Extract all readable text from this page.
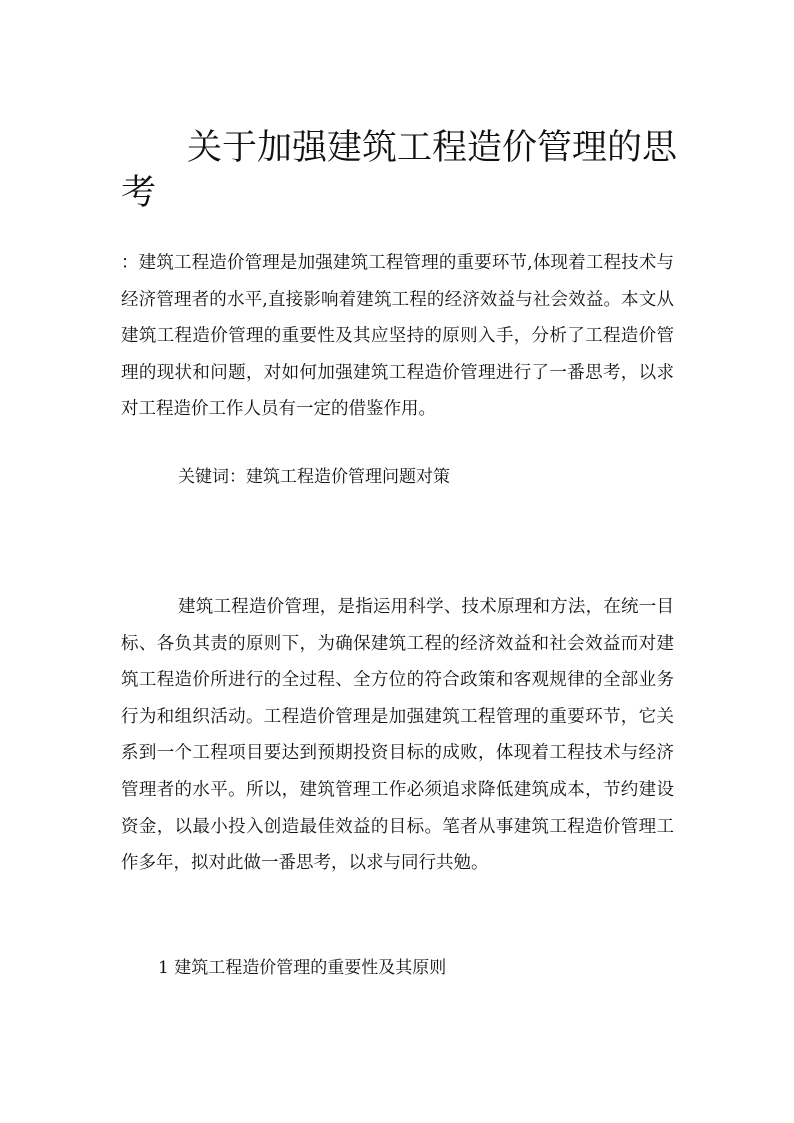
关于加强建筑工程造价管理的思考

：建筑工程造价管理是加强建筑工程管理的重要环节,体现着工程技术与经济管理者的水平,直接影响着建筑工程的经济效益与社会效益。本文从建筑工程造价管理的重要性及其应坚持的原则入手，分析了工程造价管理的现状和问题，对如何加强建筑工程造价管理进行了一番思考，以求对工程造价工作人员有一定的借鉴作用。

关键词：建筑工程造价管理问题对策

建筑工程造价管理，是指运用科学、技术原理和方法，在统一目标、各负其责的原则下，为确保建筑工程的经济效益和社会效益而对建筑工程造价所进行的全过程、全方位的符合政策和客观规律的全部业务行为和组织活动。工程造价管理是加强建筑工程管理的重要环节，它关系到一个工程项目要达到预期投资目标的成败，体现着工程技术与经济管理者的水平。所以，建筑管理工作必须追求降低建筑成本，节约建设资金，以最小投入创造最佳效益的目标。笔者从事建筑工程造价管理工作多年，拟对此做一番思考，以求与同行共勉。

1 建筑工程造价管理的重要性及其原则
